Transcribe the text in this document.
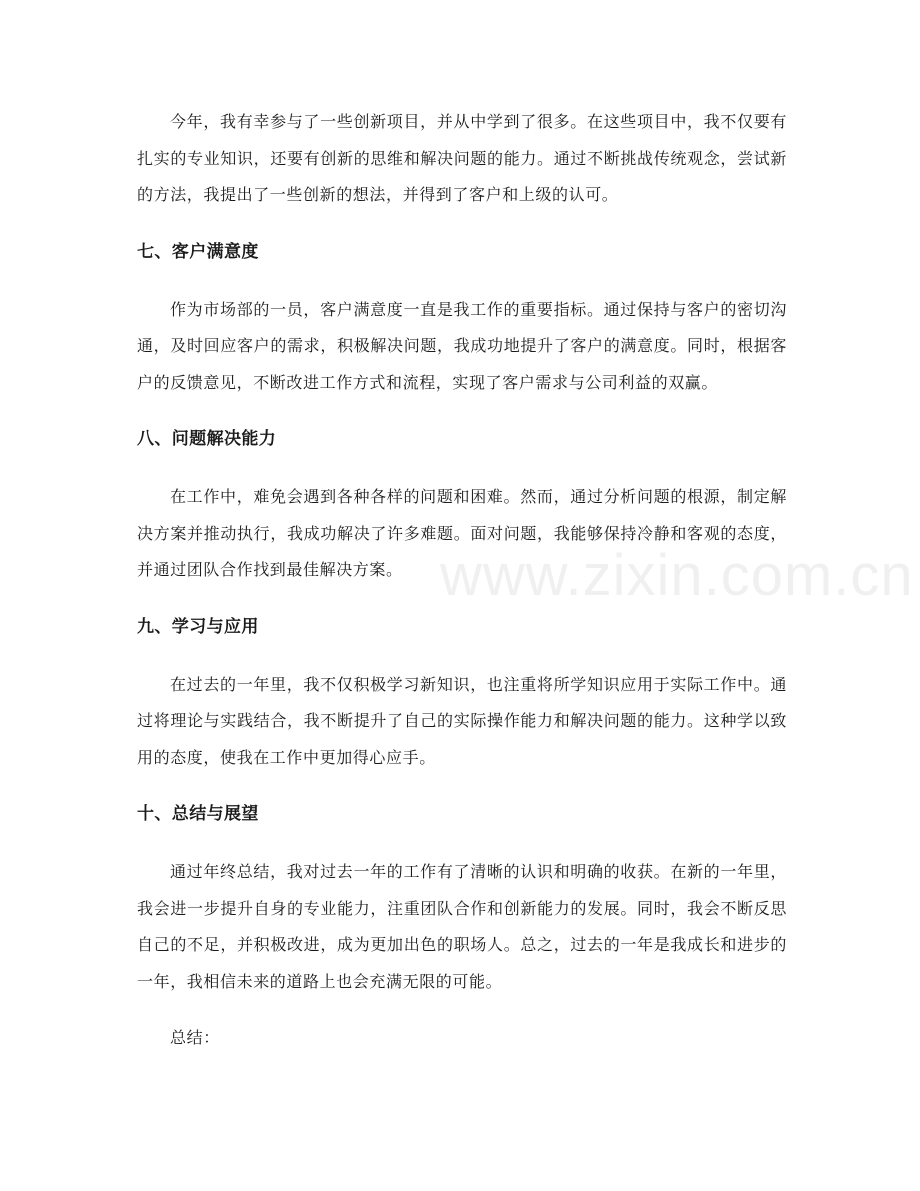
今年，我有幸参与了一些创新项目，并从中学到了很多。在这些项目中，我不仅要有扎实的专业知识，还要有创新的思维和解决问题的能力。通过不断挑战传统观念，尝试新的方法，我提出了一些创新的想法，并得到了客户和上级的认可。

七、客户满意度

作为市场部的一员，客户满意度一直是我工作的重要指标。通过保持与客户的密切沟通，及时回应客户的需求，积极解决问题，我成功地提升了客户的满意度。同时，根据客户的反馈意见，不断改进工作方式和流程，实现了客户需求与公司利益的双赢。

八、问题解决能力

在工作中，难免会遇到各种各样的问题和困难。然而，通过分析问题的根源，制定解决方案并推动执行，我成功解决了许多难题。面对问题，我能够保持冷静和客观的态度，并通过团队合作找到最佳解决方案。

九、学习与应用

在过去的一年里，我不仅积极学习新知识，也注重将所学知识应用于实际工作中。通过将理论与实践结合，我不断提升了自己的实际操作能力和解决问题的能力。这种学以致用的态度，使我在工作中更加得心应手。

十、总结与展望

通过年终总结，我对过去一年的工作有了清晰的认识和明确的收获。在新的一年里，我会进一步提升自身的专业能力，注重团队合作和创新能力的发展。同时，我会不断反思自己的不足，并积极改进，成为更加出色的职场人。总之，过去的一年是我成长和进步的一年，我相信未来的道路上也会充满无限的可能。

总结：

www.zixin.com.cn
